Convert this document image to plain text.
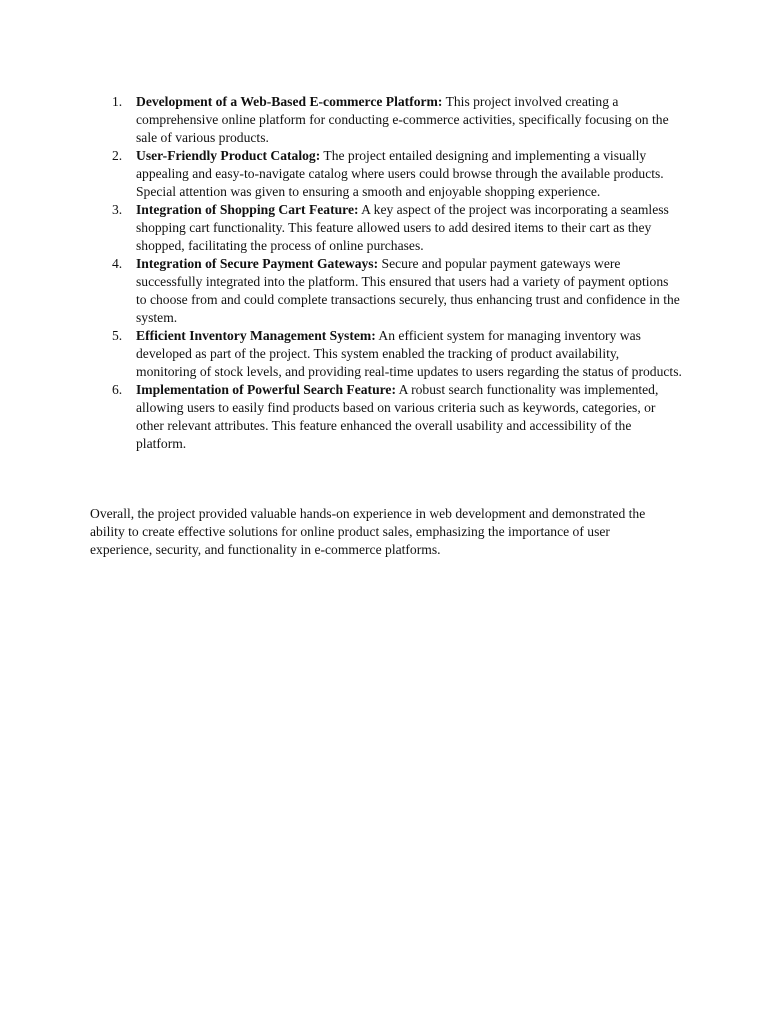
1. Development of a Web-Based E-commerce Platform: This project involved creating a comprehensive online platform for conducting e-commerce activities, specifically focusing on the sale of various products.
2. User-Friendly Product Catalog: The project entailed designing and implementing a visually appealing and easy-to-navigate catalog where users could browse through the available products. Special attention was given to ensuring a smooth and enjoyable shopping experience.
3. Integration of Shopping Cart Feature: A key aspect of the project was incorporating a seamless shopping cart functionality. This feature allowed users to add desired items to their cart as they shopped, facilitating the process of online purchases.
4. Integration of Secure Payment Gateways: Secure and popular payment gateways were successfully integrated into the platform. This ensured that users had a variety of payment options to choose from and could complete transactions securely, thus enhancing trust and confidence in the system.
5. Efficient Inventory Management System: An efficient system for managing inventory was developed as part of the project. This system enabled the tracking of product availability, monitoring of stock levels, and providing real-time updates to users regarding the status of products.
6. Implementation of Powerful Search Feature: A robust search functionality was implemented, allowing users to easily find products based on various criteria such as keywords, categories, or other relevant attributes. This feature enhanced the overall usability and accessibility of the platform.

Overall, the project provided valuable hands-on experience in web development and demonstrated the ability to create effective solutions for online product sales, emphasizing the importance of user experience, security, and functionality in e-commerce platforms.
